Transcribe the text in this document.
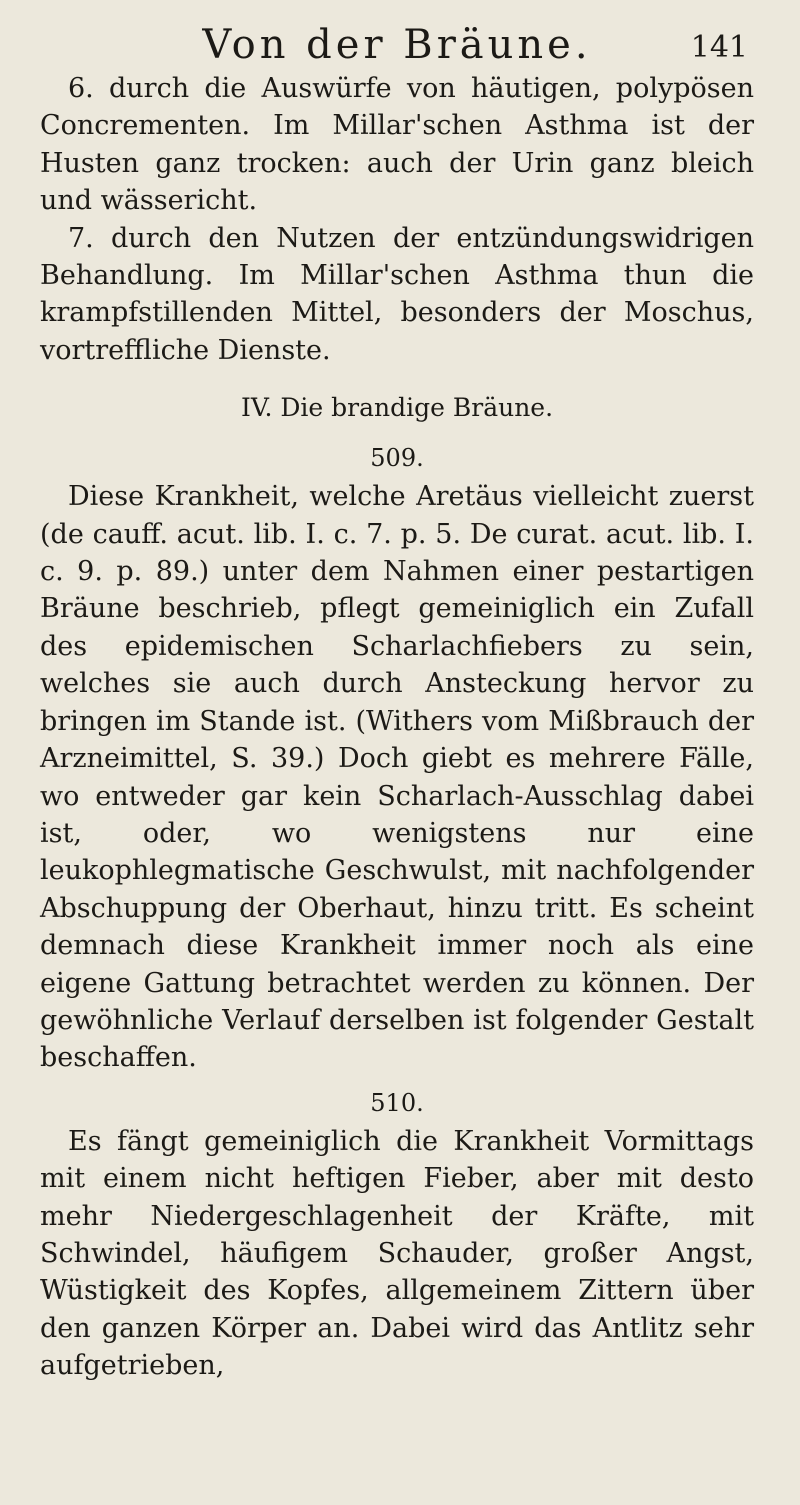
Von der Bräune.	141

6. durch die Auswürfe von häutigen, polypösen Concrementen. Im Millar'schen Asthma ist der Husten ganz trocken: auch der Urin ganz bleich und wässericht.

7. durch den Nutzen der entzündungswidrigen Behandlung. Im Millar'schen Asthma thun die krampfstillenden Mittel, besonders der Moschus, vortreffliche Dienste.

IV. Die brandige Bräune.
509.

Diese Krankheit, welche Aretäus vielleicht zuerst (de cauff. acut. lib. I. c. 7. p. 5. De curat. acut. lib. I. c. 9. p. 89.) unter dem Nahmen einer pestartigen Bräune beschrieb, pflegt gemeiniglich ein Zufall des epidemischen Scharlachfiebers zu sein, welches sie auch durch Ansteckung hervor zu bringen im Stande ist. (Withers vom Mißbrauch der Arzneimittel, S. 39.) Doch giebt es mehrere Fälle, wo entweder gar kein Scharlach-Ausschlag dabei ist, oder, wo wenigstens nur eine leukophlegmatische Geschwulst, mit nachfolgender Abschuppung der Oberhaut, hinzu tritt. Es scheint demnach diese Krankheit immer noch als eine eigene Gattung betrachtet werden zu können. Der gewöhnliche Verlauf derselben ist folgender Gestalt beschaffen.

510.

Es fängt gemeiniglich die Krankheit Vormittags mit einem nicht heftigen Fieber, aber mit desto mehr Niedergeschlagenheit der Kräfte, mit Schwindel, häufigem Schauder, großer Angst, Wüstigkeit des Kopfes, allgemeinem Zittern über den ganzen Körper an. Dabei wird das Antlitz sehr aufgetrieben,
